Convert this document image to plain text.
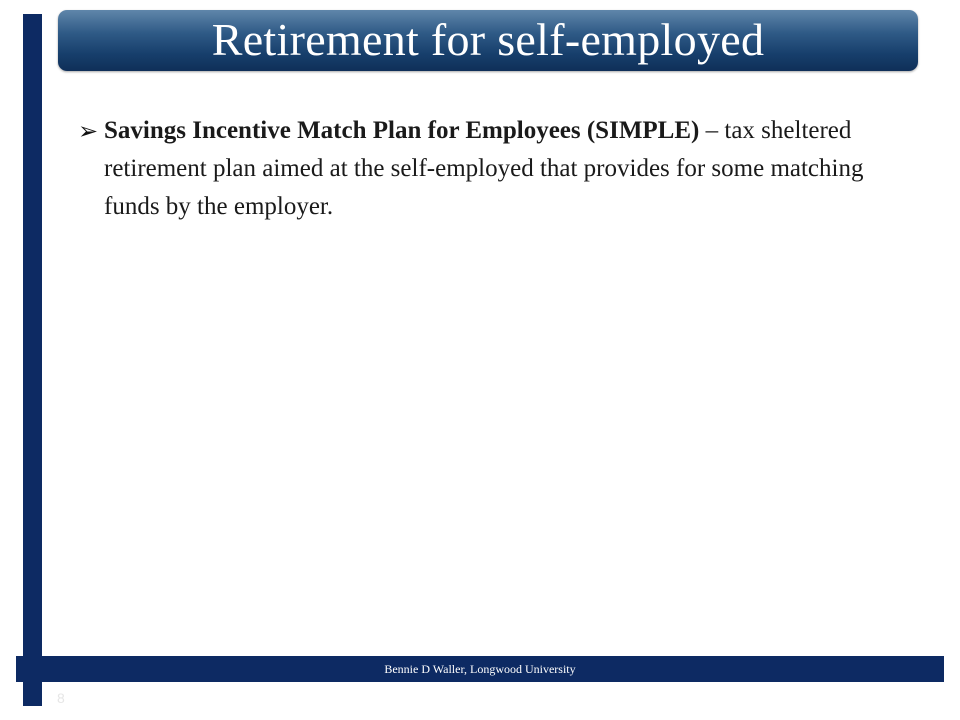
Retirement for self-employed
➢ Savings Incentive Match Plan for Employees (SIMPLE) – tax sheltered retirement plan aimed at the self-employed that provides for some matching funds by the employer.
Bennie D Waller, Longwood University
8
